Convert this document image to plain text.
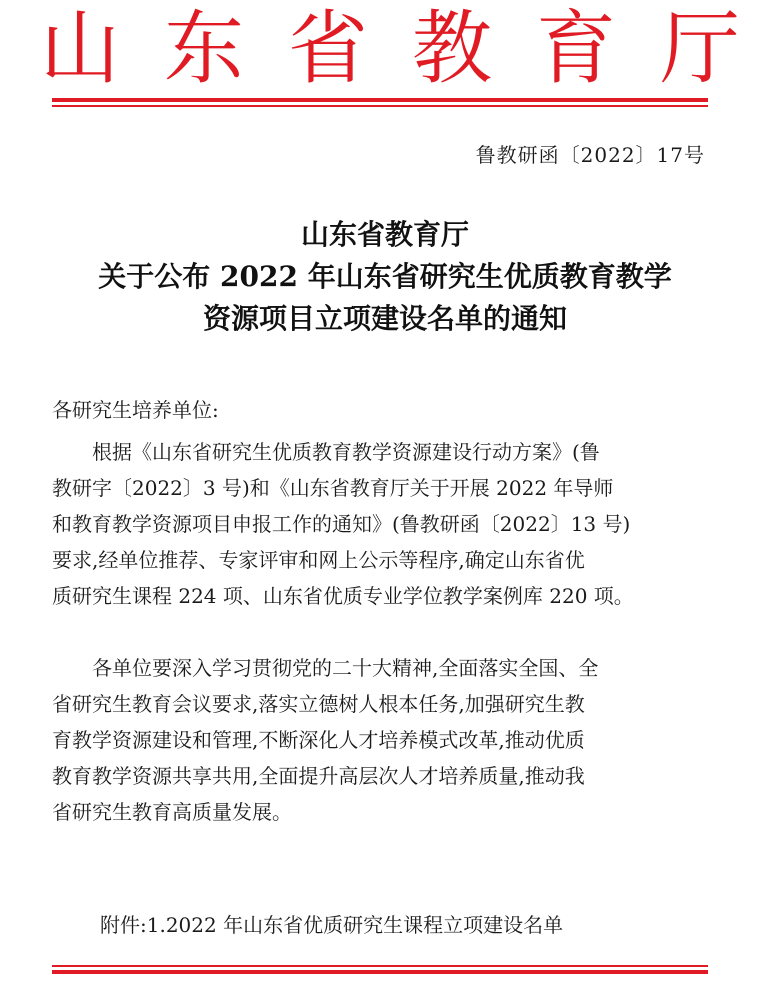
山 东 省 教 育 厅
鲁教研函〔2022〕17号
山东省教育厅
关于公布 2022 年山东省研究生优质教育教学
资源项目立项建设名单的通知
各研究生培养单位:
根据《山东省研究生优质教育教学资源建设行动方案》(鲁
教研字〔2022〕3 号)和《山东省教育厅关于开展 2022 年导师
和教育教学资源项目申报工作的通知》(鲁教研函〔2022〕13 号)
要求,经单位推荐、专家评审和网上公示等程序,确定山东省优
质研究生课程 224 项、山东省优质专业学位教学案例库 220 项。
各单位要深入学习贯彻党的二十大精神,全面落实全国、全
省研究生教育会议要求,落实立德树人根本任务,加强研究生教
育教学资源建设和管理,不断深化人才培养模式改革,推动优质
教育教学资源共享共用,全面提升高层次人才培养质量,推动我
省研究生教育高质量发展。
附件:1.2022 年山东省优质研究生课程立项建设名单
